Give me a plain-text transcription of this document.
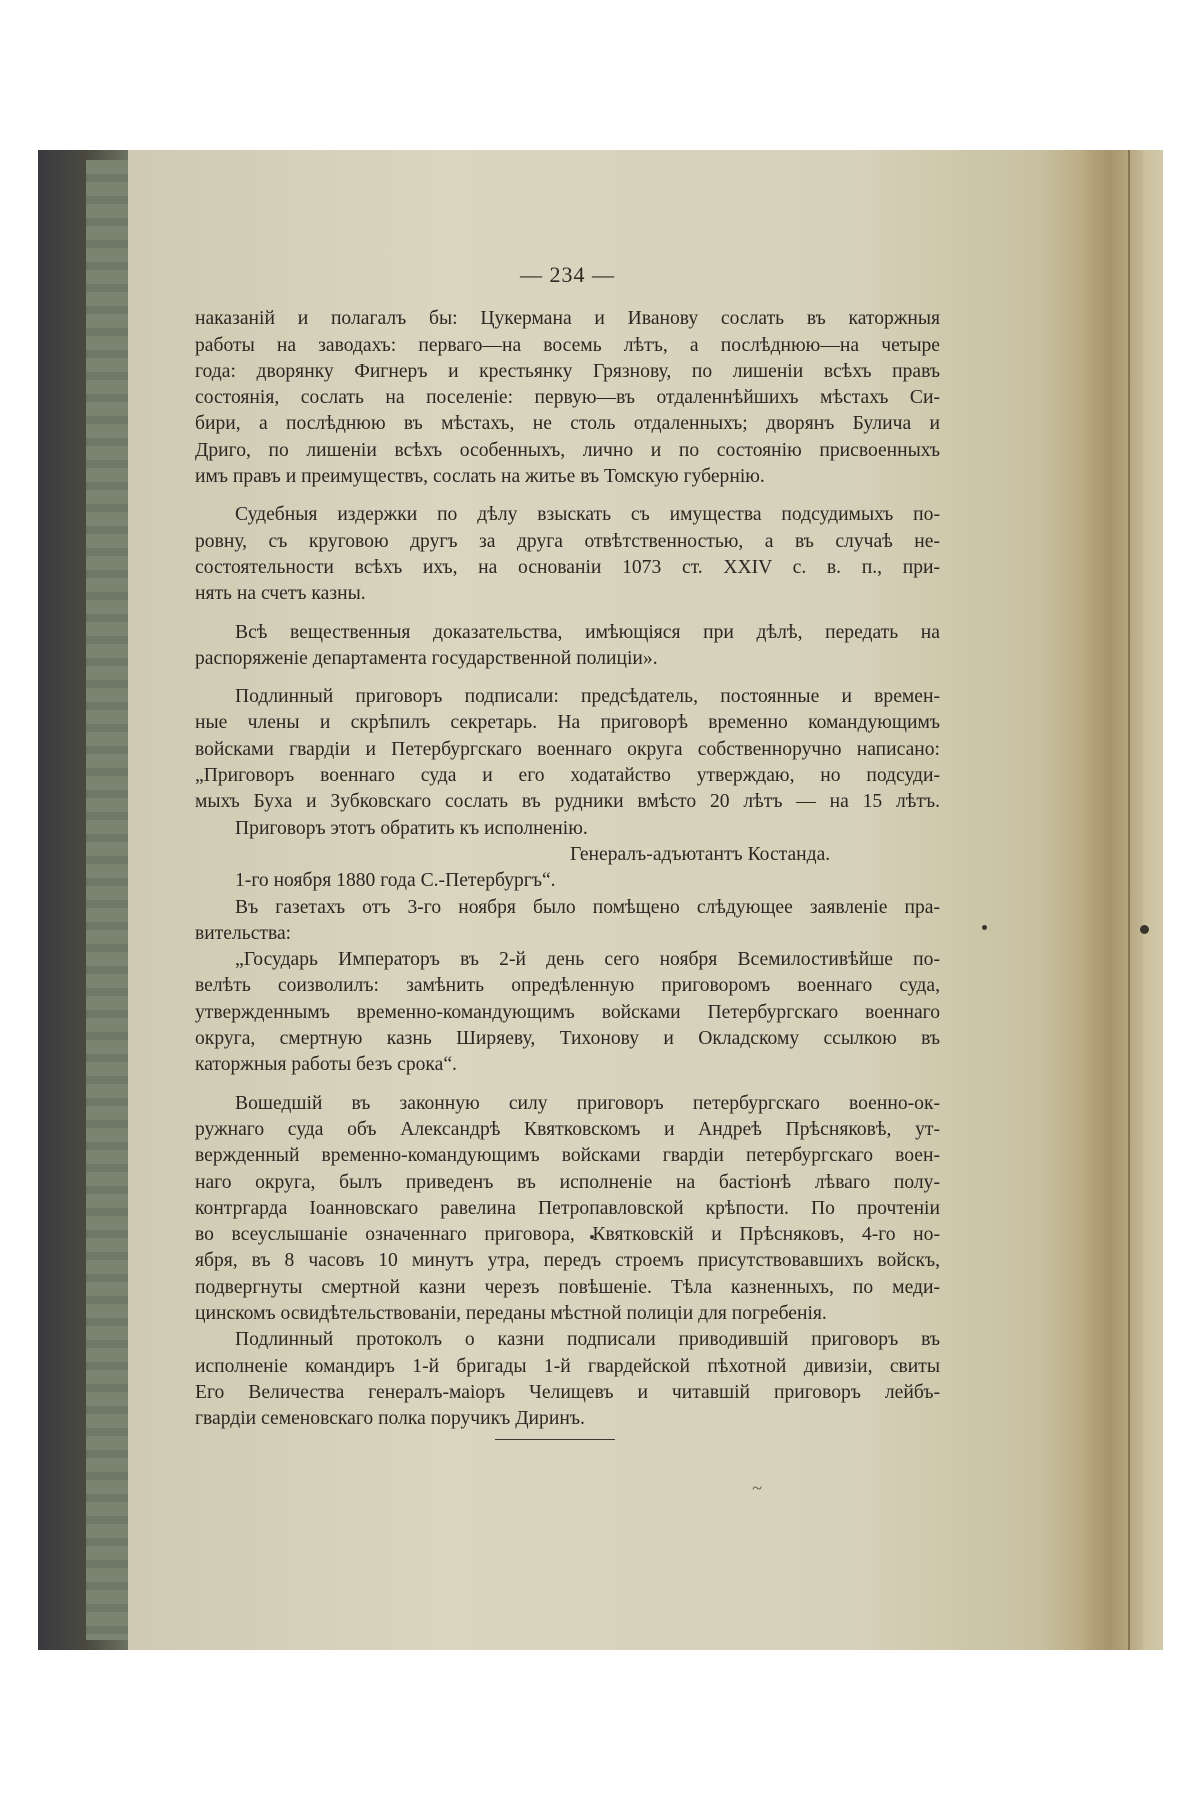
— 234 —
наказаній и полагалъ бы: Цукермана и Иванову сослать въ каторжныя
работы на заводахъ: перваго—на восемь лѣтъ, а послѣднюю—на четыре
года: дворянку Фигнеръ и крестьянку Грязнову, по лишеніи всѣхъ правъ
состоянія, сослать на поселеніе: первую—въ отдаленнѣйшихъ мѣстахъ Си-
бири, а послѣднюю въ мѣстахъ, не столь отдаленныхъ; дворянъ Булича и
Дриго, по лишеніи всѣхъ особенныхъ, лично и по состоянію присвоенныхъ
имъ правъ и преимуществъ, сослать на житье въ Томскую губернію.
Судебныя издержки по дѣлу взыскать съ имущества подсудимыхъ по-
ровну, съ круговою другъ за друга отвѣтственностью, а въ случаѣ не-
состоятельности всѣхъ ихъ, на основаніи 1073 ст. XXIV с. в. п., при-
нять на счетъ казны.
Всѣ вещественныя доказательства, имѣющіяся при дѣлѣ, передать на
распоряженіе департамента государственной полиціи».
Подлинный приговоръ подписали: предсѣдатель, постоянные и времен-
ные члены и скрѣпилъ секретарь. На приговорѣ временно командующимъ
войсками гвардіи и Петербургскаго военнаго округа собственноручно написано:
„Приговоръ военнаго суда и его ходатайство утверждаю, но подсуди-
мыхъ Буха и Зубковскаго сослать въ рудники вмѣсто 20 лѣтъ — на 15 лѣтъ.
Приговоръ этотъ обратить къ исполненію.
Генералъ-адъютантъ Костанда.
1-го ноября 1880 года С.-Петербургъ“.
Въ газетахъ отъ 3-го ноября было помѣщено слѣдующее заявленіе пра-
вительства:
„Государь Императоръ въ 2-й день сего ноября Всемилостивѣйше по-
велѣть соизволилъ: замѣнить опредѣленную приговоромъ военнаго суда,
утвержденнымъ временно-командующимъ войсками Петербургскаго военнаго
округа, смертную казнь Ширяеву, Тихонову и Окладскому ссылкою въ
каторжныя работы безъ срока“.
Вошедшій въ законную силу приговоръ петербургскаго военно-ок-
ружнаго суда объ Александрѣ Квятковскомъ и Андреѣ Прѣсняковѣ, ут-
вержденный временно-командующимъ войсками гвардіи петербургскаго воен-
наго округа, былъ приведенъ въ исполненіе на бастіонѣ лѣваго полу-
контргарда Іоанновскаго равелина Петропавловской крѣпости. По прочтеніи
во всеуслышаніе означеннаго приговора, Квятковскій и Прѣсняковъ, 4-го но-
ября, въ 8 часовъ 10 минутъ утра, передъ строемъ присутствовавшихъ войскъ,
подвергнуты смертной казни черезъ повѣшеніе. Тѣла казненныхъ, по меди-
цинскомъ освидѣтельствованіи, переданы мѣстной полиціи для погребенія.
Подлинный протоколъ о казни подписали приводившій приговоръ въ
исполненіе командиръ 1-й бригады 1-й гвардейской пѣхотной дивизіи, свиты
Его Величества генералъ-маіоръ Челищевъ и читавшій приговоръ лейбъ-
гвардіи семеновскаго полка поручикъ Диринъ.
~
